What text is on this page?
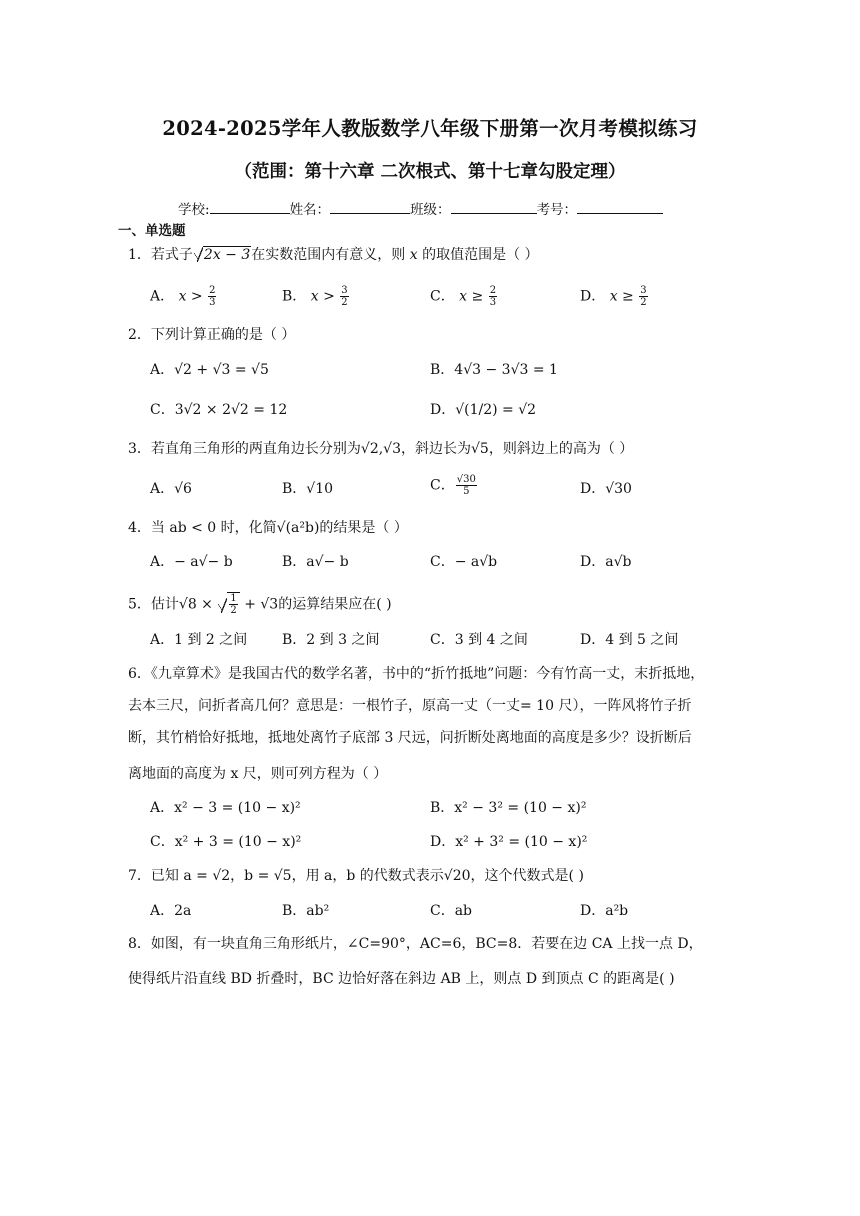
2024-2025学年人教版数学八年级下册第一次月考模拟练习
（范围：第十六章 二次根式、第十七章勾股定理）
学校:	姓名：	班级：	考号：
一、单选题
1．若式子 2x − 3在实数范围内有意义，则 x 的取值范围是（ ）
A． $x > \frac{2}{3}$	B． $x > \frac{3}{2}$	C． $x \ge \frac{2}{3}$	D． $x \ge \frac{3}{2}$
2．下列计算正确的是（ ）
A．√2 + √3 = √5	B．4√3 − 3√3 = 1
C．3√2 × 2√2 = 12	D．√(1/2) = √2
3．若直角三角形的两直角边长分别为√2,√3，斜边长为√5，则斜边上的高为（ ）
A．√6	B．√10	C． $\frac{√30}{5}$	D．√30
4．当 ab < 0 时，化简√(a²b)的结果是（ ）
A．− a√− b	B．a√− b	C．− a√b	D．a√b
5．估计$√8 \times \frac{1}{2} + √3$的运算结果应在( )
A．1 到 2 之间 B．2 到 3 之间	C．3 到 4 之间	D．4 到 5 之间
6．《九章算术》是我国古代的数学名著，书中的“折竹抵地”问题：今有竹高一丈，末折抵地，
去本三尺，问折者高几何？意思是：一根竹子，原高一丈（一丈= 10 尺），一阵风将竹子折
断，其竹梢恰好抵地，抵地处离竹子底部 3 尺远，问折断处离地面的高度是多少？设折断后
离地面的高度为 x 尺，则可列方程为（ ）
A．x² − 3 = (10 − x)²	B．x² − 3² = (10 − x)²
C．x² + 3 = (10 − x)²	D．x² + 3² = (10 − x)²
7．已知 a = √2，b = √5，用 a，b 的代数式表示√20，这个代数式是( )
A．2a	B．ab²	C．ab	D．a²b
8．如图，有一块直角三角形纸片，∠C=90°，AC=6，BC=8．若要在边 CA 上找一点 D，
使得纸片沿直线 BD 折叠时，BC 边恰好落在斜边 AB 上，则点 D 到顶点 C 的距离是( )
